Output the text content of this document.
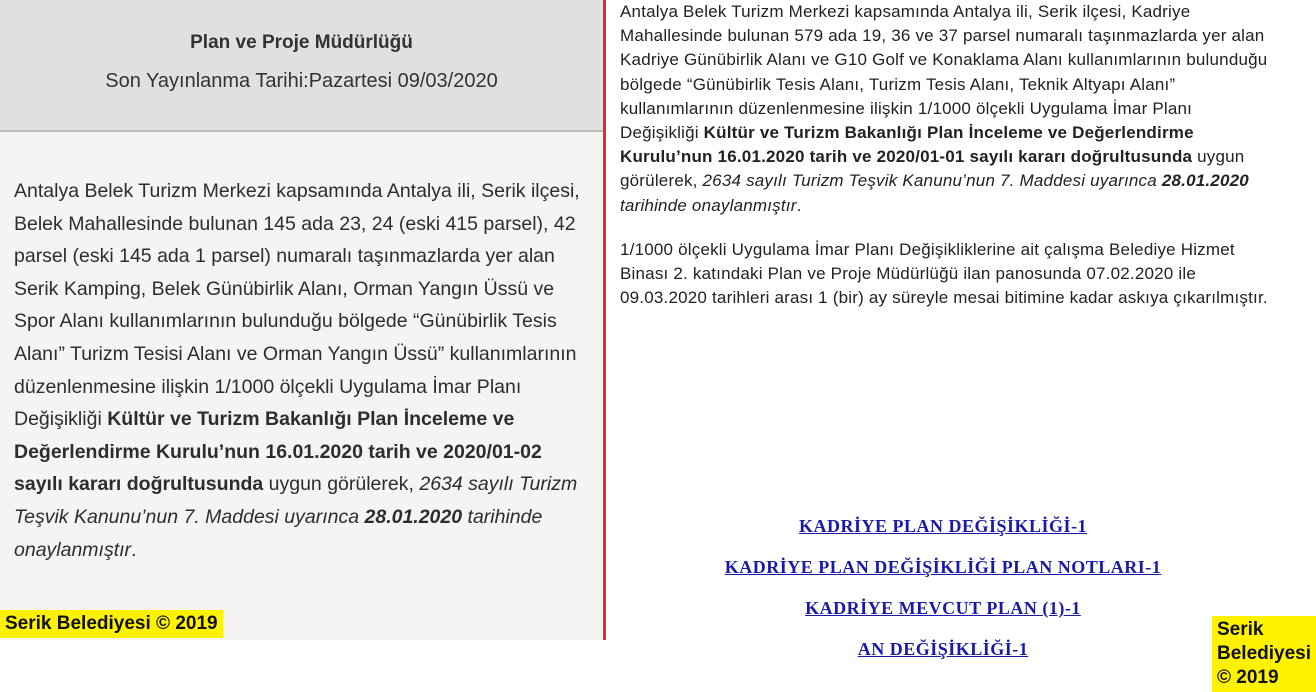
Plan ve Proje Müdürlüğü

Son Yayınlanma Tarihi:Pazartesi 09/03/2020

Antalya Belek Turizm Merkezi kapsamında Antalya ili, Serik ilçesi, Belek Mahallesinde bulunan 145 ada 23, 24 (eski 415 parsel), 42 parsel (eski 145 ada 1 parsel) numaralı taşınmazlarda yer alan Serik Kamping, Belek Günübirlik Alanı, Orman Yangın Üssü ve Spor Alanı kullanımlarının bulunduğu bölgede “Günübirlik Tesis Alanı” Turizm Tesisi Alanı ve Orman Yangın Üssü” kullanımlarının düzenlenmesine ilişkin 1/1000 ölçekli Uygulama İmar Planı Değişikliği Kültür ve Turizm Bakanlığı Plan İnceleme ve Değerlendirme Kurulu’nun 16.01.2020 tarih ve 2020/01-02 sayılı kararı doğrultusunda uygun görülerek, 2634 sayılı Turizm Teşvik Kanunu’nun 7. Maddesi uyarınca 28.01.2020 tarihinde onaylanmıştır.

Serik Belediyesi © 2019

Antalya Belek Turizm Merkezi kapsamında Antalya ili, Serik ilçesi, Kadriye Mahallesinde bulunan 579 ada 19, 36 ve 37 parsel numaralı taşınmazlarda yer alan Kadriye Günübirlik Alanı ve G10 Golf ve Konaklama Alanı kullanımlarının bulunduğu bölgede “Günübirlik Tesis Alanı, Turizm Tesis Alanı, Teknik Altyapı Alanı” kullanımlarının düzenlenmesine ilişkin 1/1000 ölçekli Uygulama İmar Planı Değişikliği Kültür ve Turizm Bakanlığı Plan İnceleme ve Değerlendirme Kurulu’nun 16.01.2020 tarih ve 2020/01-01 sayılı kararı doğrultusunda uygun görülerek, 2634 sayılı Turizm Teşvik Kanunu’nun 7. Maddesi uyarınca 28.01.2020 tarihinde onaylanmıştır.

1/1000 ölçekli Uygulama İmar Planı Değişikliklerine ait çalışma Belediye Hizmet Binası 2. katındaki Plan ve Proje Müdürlüğü ilan panosunda 07.02.2020 ile 09.03.2020 tarihleri arası 1 (bir) ay süreyle mesai bitimine kadar askıya çıkarılmıştır.

KADRİYE PLAN DEĞİŞİKLİĞİ-1
KADRİYE PLAN DEĞİŞİKLİĞİ PLAN NOTLARI-1
KADRİYE MEVCUT PLAN (1)-1
AN DEĞİŞİKLİĞİ-1
Serik Belediyesi © 2019
